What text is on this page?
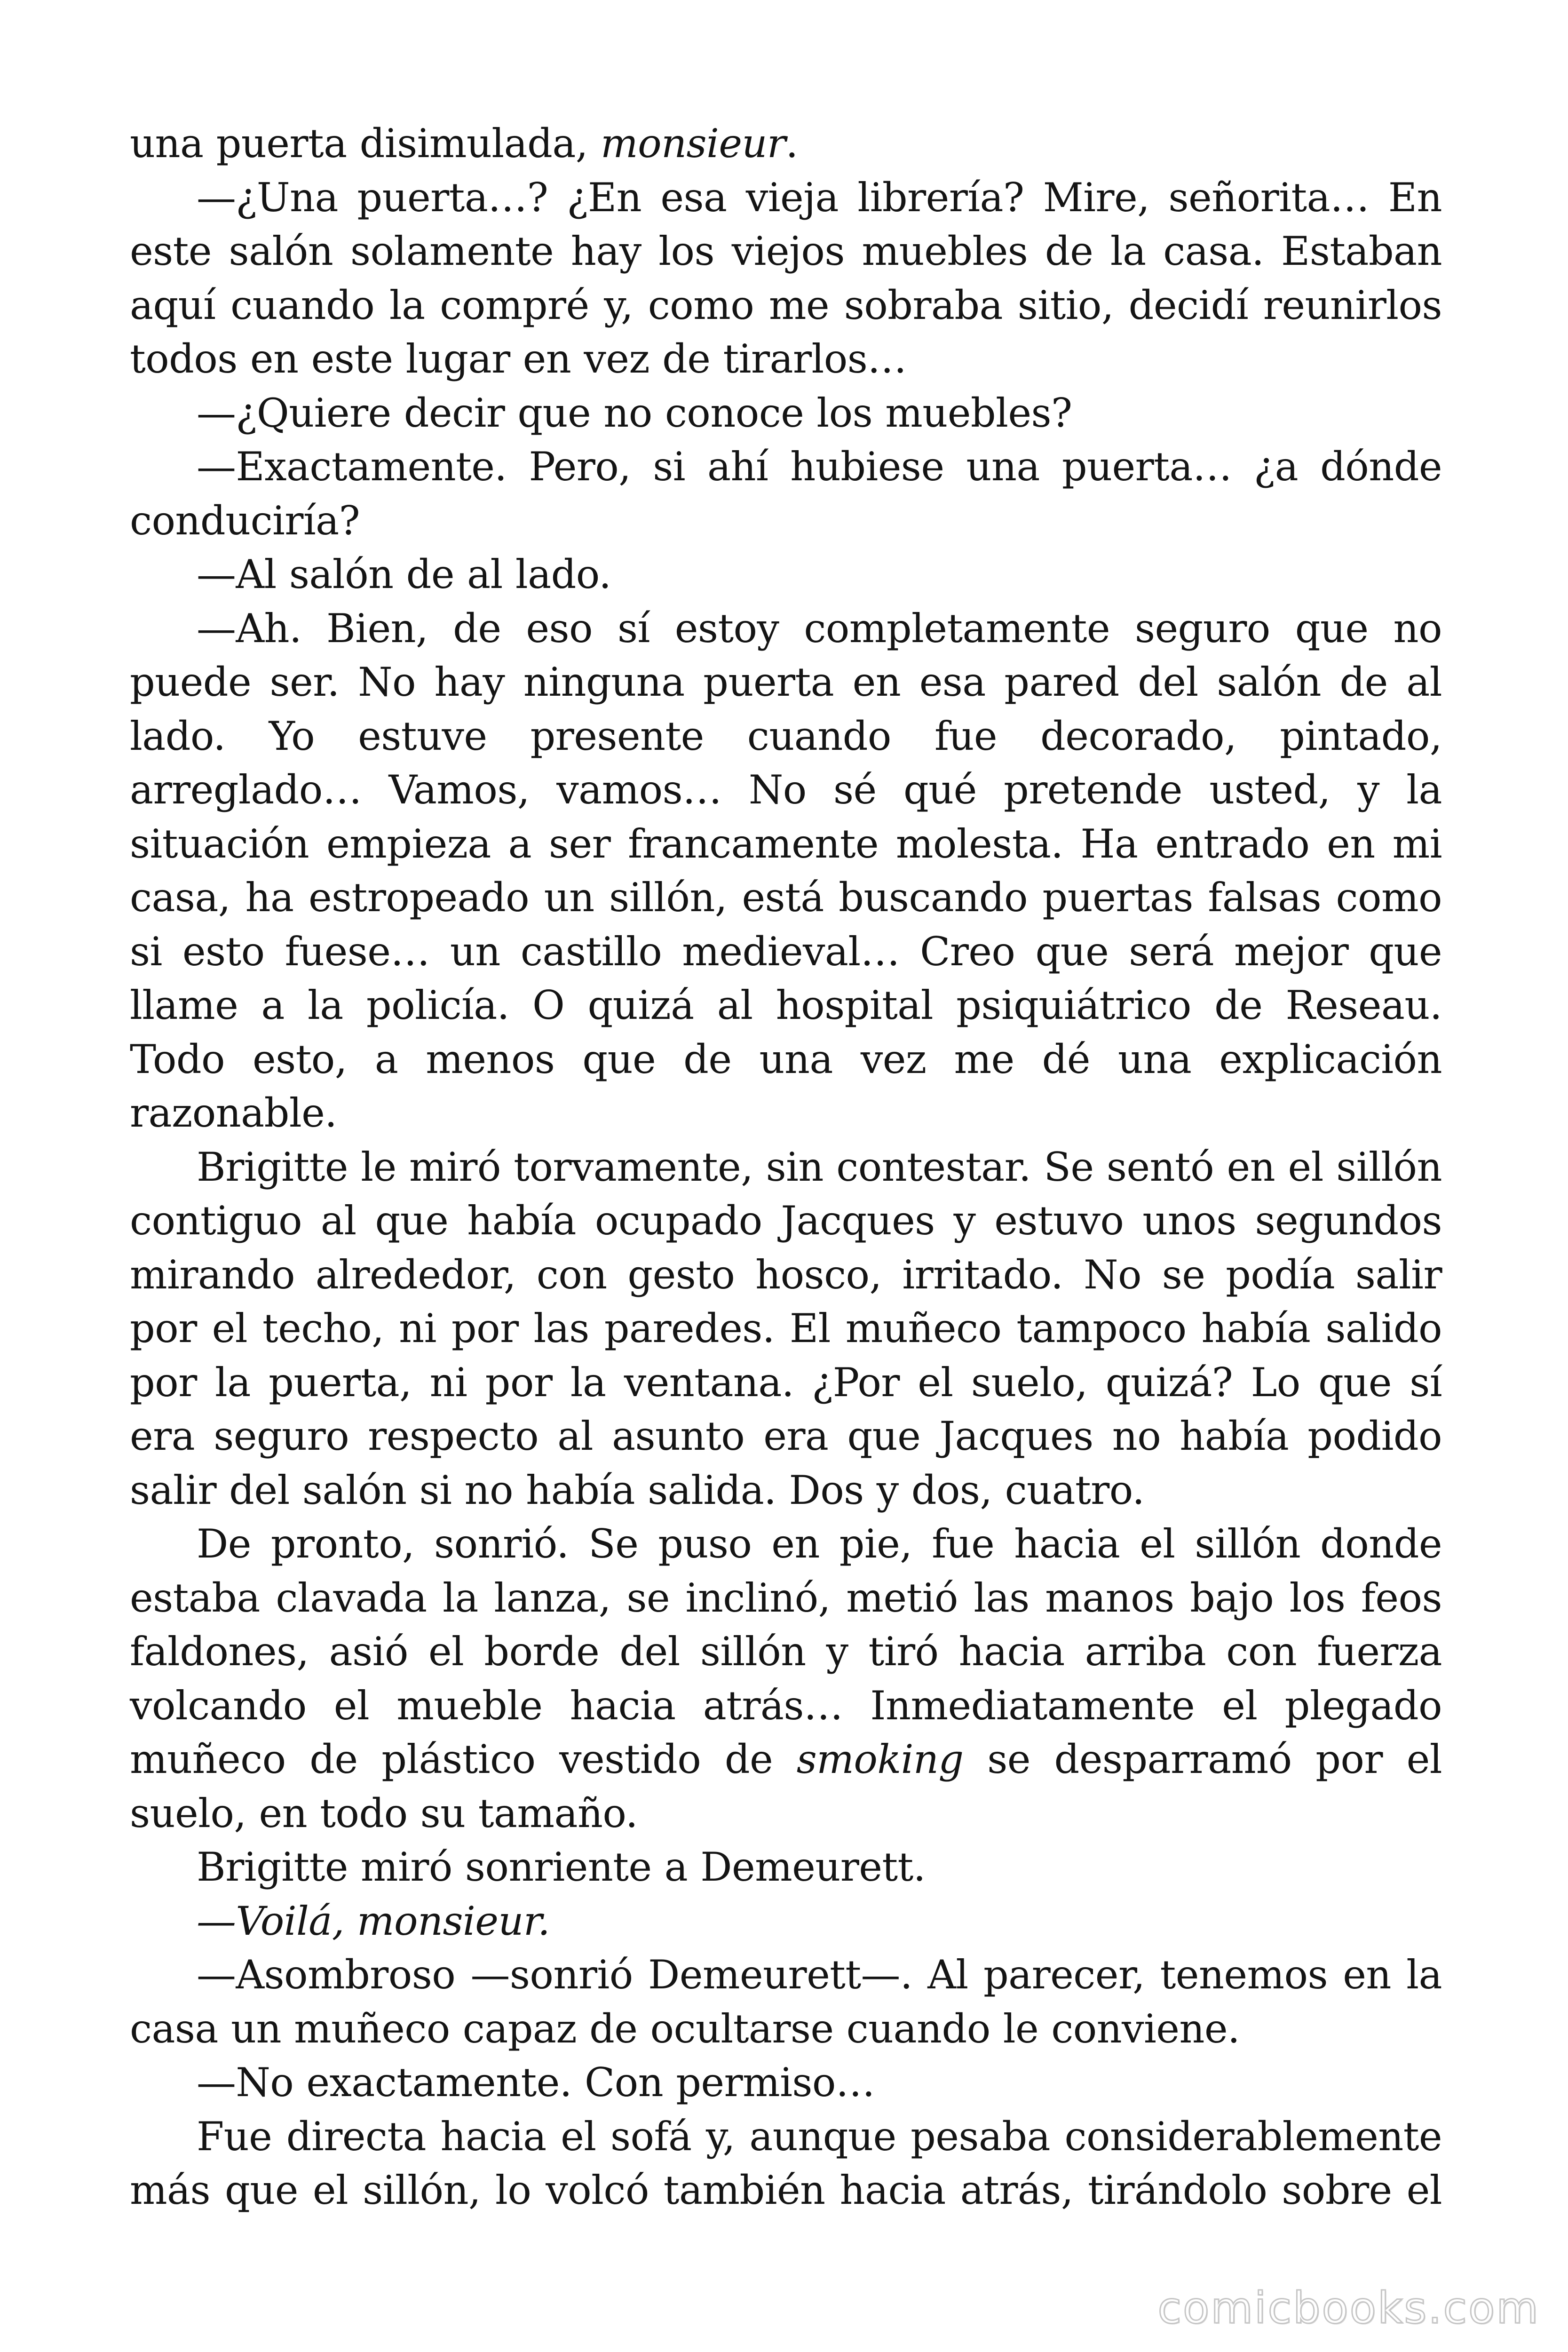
una puerta disimulada, monsieur.

—¿Una puerta…? ¿En esa vieja librería? Mire, señorita… En este salón solamente hay los viejos muebles de la casa. Estaban aquí cuando la compré y, como me sobraba sitio, decidí reunirlos todos en este lugar en vez de tirarlos…

—¿Quiere decir que no conoce los muebles?

—Exactamente. Pero, si ahí hubiese una puerta… ¿a dónde conduciría?

—Al salón de al lado.

—Ah. Bien, de eso sí estoy completamente seguro que no puede ser. No hay ninguna puerta en esa pared del salón de al lado. Yo estuve presente cuando fue decorado, pintado, arreglado… Vamos, vamos… No sé qué pretende usted, y la situación empieza a ser francamente molesta. Ha entrado en mi casa, ha estropeado un sillón, está buscando puertas falsas como si esto fuese… un castillo medieval… Creo que será mejor que llame a la policía. O quizá al hospital psiquiátrico de Reseau. Todo esto, a menos que de una vez me dé una explicación razonable.

Brigitte le miró torvamente, sin contestar. Se sentó en el sillón contiguo al que había ocupado Jacques y estuvo unos segundos mirando alrededor, con gesto hosco, irritado. No se podía salir por el techo, ni por las paredes. El muñeco tampoco había salido por la puerta, ni por la ventana. ¿Por el suelo, quizá? Lo que sí era seguro respecto al asunto era que Jacques no había podido salir del salón si no había salida. Dos y dos, cuatro.

De pronto, sonrió. Se puso en pie, fue hacia el sillón donde estaba clavada la lanza, se inclinó, metió las manos bajo los feos faldones, asió el borde del sillón y tiró hacia arriba con fuerza volcando el mueble hacia atrás… Inmediatamente el plegado muñeco de plástico vestido de smoking se desparramó por el suelo, en todo su tamaño.

Brigitte miró sonriente a Demeurett.

—Voilá, monsieur.

—Asombroso —sonrió Demeurett—. Al parecer, tenemos en la casa un muñeco capaz de ocultarse cuando le conviene.

—No exactamente. Con permiso…

Fue directa hacia el sofá y, aunque pesaba considerablemente más que el sillón, lo volcó también hacia atrás, tirándolo sobre el

comicbooks.com
